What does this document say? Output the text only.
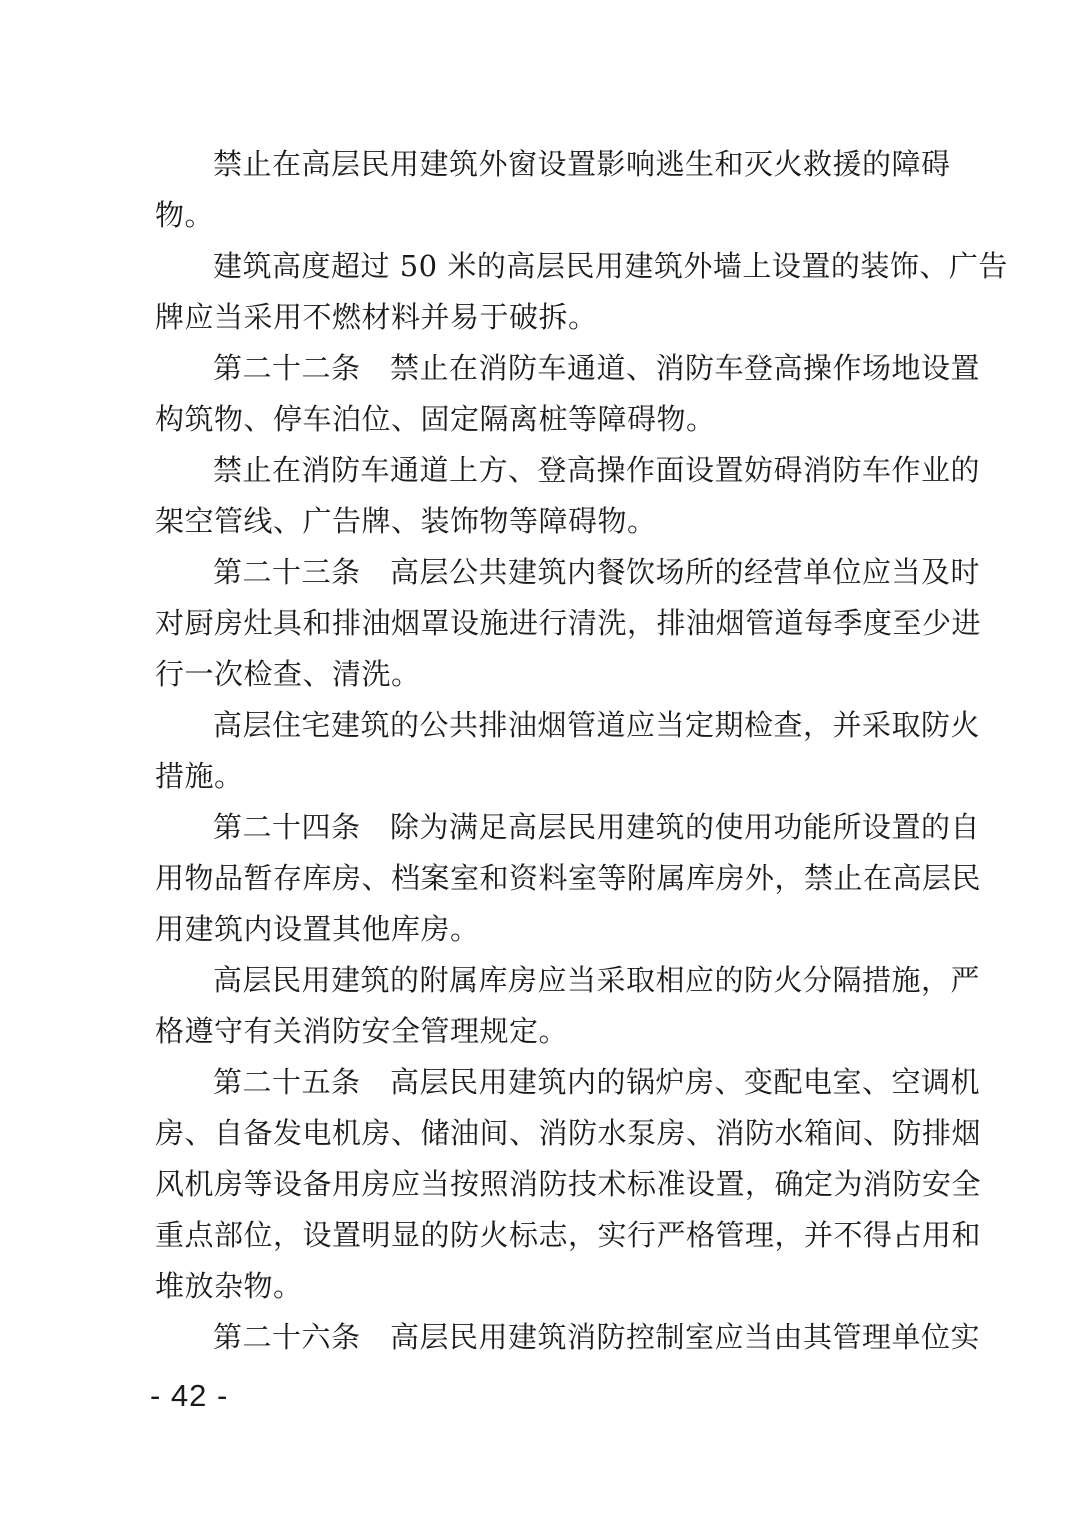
禁止在高层民用建筑外窗设置影响逃生和灭火救援的障碍
物。
建筑高度超过 50 米的高层民用建筑外墙上设置的装饰、广告
牌应当采用不燃材料并易于破拆。
第二十二条　禁止在消防车通道、消防车登高操作场地设置
构筑物、停车泊位、固定隔离桩等障碍物。
禁止在消防车通道上方、登高操作面设置妨碍消防车作业的
架空管线、广告牌、装饰物等障碍物。
第二十三条　高层公共建筑内餐饮场所的经营单位应当及时
对厨房灶具和排油烟罩设施进行清洗，排油烟管道每季度至少进
行一次检查、清洗。
高层住宅建筑的公共排油烟管道应当定期检查，并采取防火
措施。
第二十四条　除为满足高层民用建筑的使用功能所设置的自
用物品暂存库房、档案室和资料室等附属库房外，禁止在高层民
用建筑内设置其他库房。
高层民用建筑的附属库房应当采取相应的防火分隔措施，严
格遵守有关消防安全管理规定。
第二十五条　高层民用建筑内的锅炉房、变配电室、空调机
房、自备发电机房、储油间、消防水泵房、消防水箱间、防排烟
风机房等设备用房应当按照消防技术标准设置，确定为消防安全
重点部位，设置明显的防火标志，实行严格管理，并不得占用和
堆放杂物。
第二十六条　高层民用建筑消防控制室应当由其管理单位实
- 42 -
